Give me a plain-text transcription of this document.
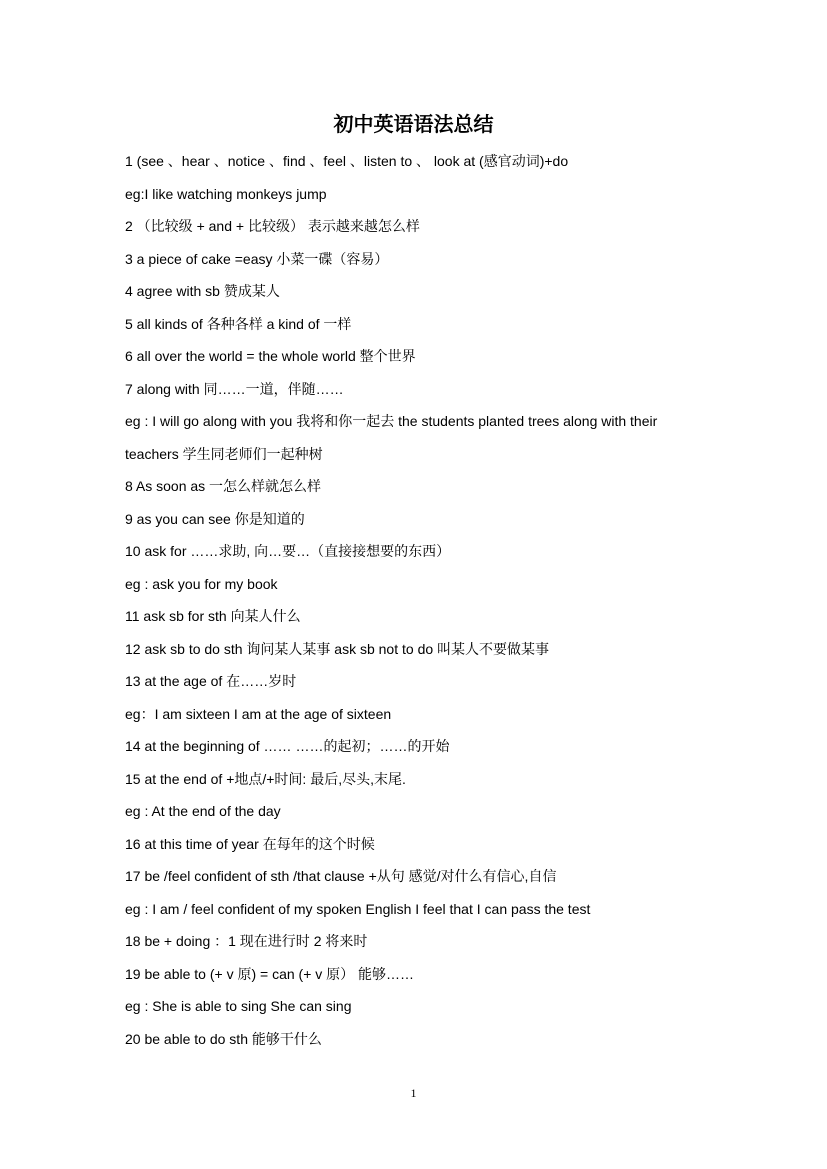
初中英语语法总结
1 (see 、hear 、notice 、find 、feel 、listen to 、 look at (感官动词)+do
eg:I like watching monkeys jump
2 （比较级 + and + 比较级） 表示越来越怎么样
3 a piece of cake =easy 小菜一碟（容易）
4 agree with sb 赞成某人
5 all kinds of 各种各样 a kind of 一样
6 all over the world = the whole world 整个世界
7 along with 同……一道，伴随……
eg : I will go along with you 我将和你一起去 the students planted trees along with their
teachers 学生同老师们一起种树
8 As soon as 一怎么样就怎么样
9 as you can see 你是知道的
10 ask for ……求助, 向…要…（直接接想要的东西）
eg : ask you for my book
11 ask sb for sth 向某人什么
12 ask sb to do sth 询问某人某事 ask sb not to do 叫某人不要做某事
13 at the age of 在……岁时
eg：I am sixteen I am at the age of sixteen
14 at the beginning of …… ……的起初；……的开始
15 at the end of +地点/+时间: 最后,尽头,末尾.
eg : At the end of the day
16 at this time of year 在每年的这个时候
17 be /feel confident of sth /that clause +从句 感觉/对什么有信心,自信
eg : I am / feel confident of my spoken English I feel that I can pass the test
18 be + doing ：1 现在进行时 2 将来时
19 be able to (+ v 原) = can (+ v 原） 能够……
eg : She is able to sing She can sing
20 be able to do sth 能够干什么
1
